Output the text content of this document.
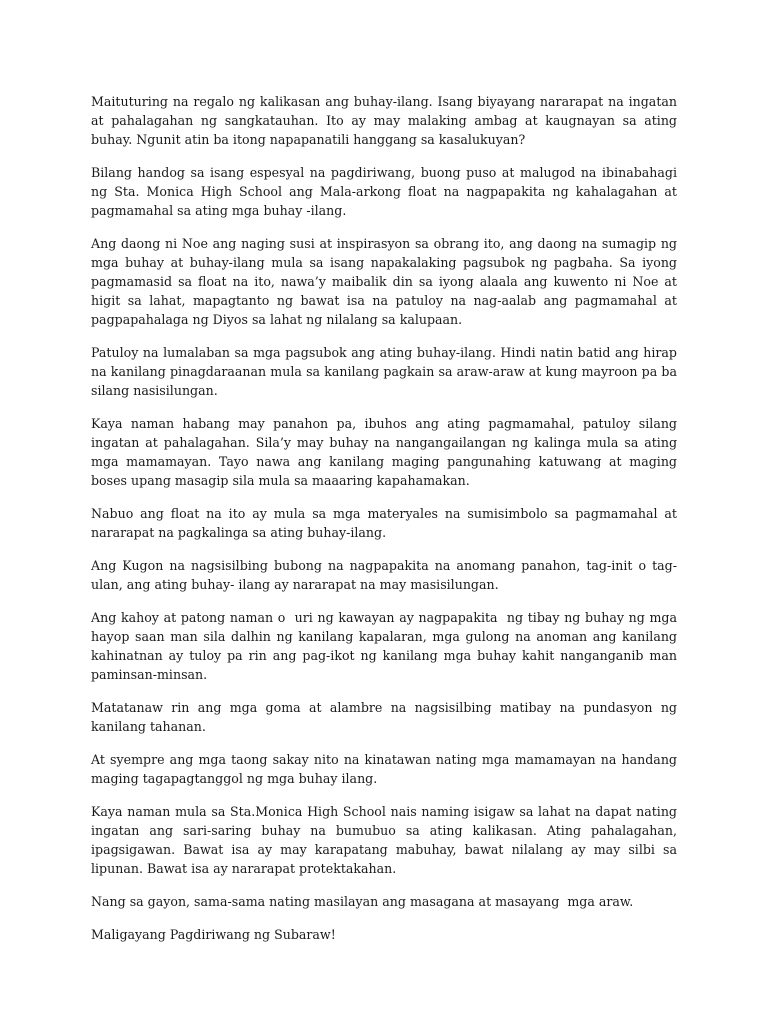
Maituturing na regalo ng kalikasan ang buhay-ilang. Isang biyayang nararapat na ingatan at pahalagahan ng sangkatauhan. Ito ay may malaking ambag at kaugnayan sa ating buhay. Ngunit atin ba itong napapanatili hanggang sa kasalukuyan?

Bilang handog sa isang espesyal na pagdiriwang, buong puso at malugod na ibinabahagi ng Sta. Monica High School ang Mala-arkong float na nagpapakita ng kahalagahan at pagmamahal sa ating mga buhay -ilang.

Ang daong ni Noe ang naging susi at inspirasyon sa obrang ito, ang daong na sumagip ng mga buhay at buhay-ilang mula sa isang napakalaking pagsubok ng pagbaha. Sa iyong pagmamasid sa float na ito, nawa’y maibalik din sa iyong alaala ang kuwento ni Noe at higit sa lahat, mapagtanto ng bawat isa na patuloy na nag-aalab ang pagmamahal at pagpapahalaga ng Diyos sa lahat ng nilalang sa kalupaan.

Patuloy na lumalaban sa mga pagsubok ang ating buhay-ilang. Hindi natin batid ang hirap na kanilang pinagdaraanan mula sa kanilang pagkain sa araw-araw at kung mayroon pa ba silang nasisilungan.

Kaya naman habang may panahon pa, ibuhos ang ating pagmamahal, patuloy silang ingatan at pahalagahan. Sila’y may buhay na nangangailangan ng kalinga mula sa ating mga mamamayan. Tayo nawa ang kanilang maging pangunahing katuwang at maging boses upang masagip sila mula sa maaaring kapahamakan.

Nabuo ang float na ito ay mula sa mga materyales na sumisimbolo sa pagmamahal at nararapat na pagkalinga sa ating buhay-ilang.

Ang Kugon na nagsisilbing bubong na nagpapakita na anomang panahon, tag-init o tag-ulan, ang ating buhay- ilang ay nararapat na may masisilungan.

Ang kahoy at patong naman o  uri ng kawayan ay nagpapakita  ng tibay ng buhay ng mga hayop saan man sila dalhin ng kanilang kapalaran, mga gulong na anoman ang kanilang kahinatnan ay tuloy pa rin ang pag-ikot ng kanilang mga buhay kahit nanganganib man paminsan-minsan.

Matatanaw rin ang mga goma at alambre na nagsisilbing matibay na pundasyon ng kanilang tahanan.

At syempre ang mga taong sakay nito na kinatawan nating mga mamamayan na handang maging tagapagtanggol ng mga buhay ilang.

Kaya naman mula sa Sta.Monica High School nais naming isigaw sa lahat na dapat nating ingatan ang sari-saring buhay na bumubuo sa ating kalikasan. Ating pahalagahan, ipagsigawan. Bawat isa ay may karapatang mabuhay, bawat nilalang ay may silbi sa lipunan. Bawat isa ay nararapat protektakahan.

Nang sa gayon, sama-sama nating masilayan ang masagana at masayang  mga araw.

Maligayang Pagdiriwang ng Subaraw!
